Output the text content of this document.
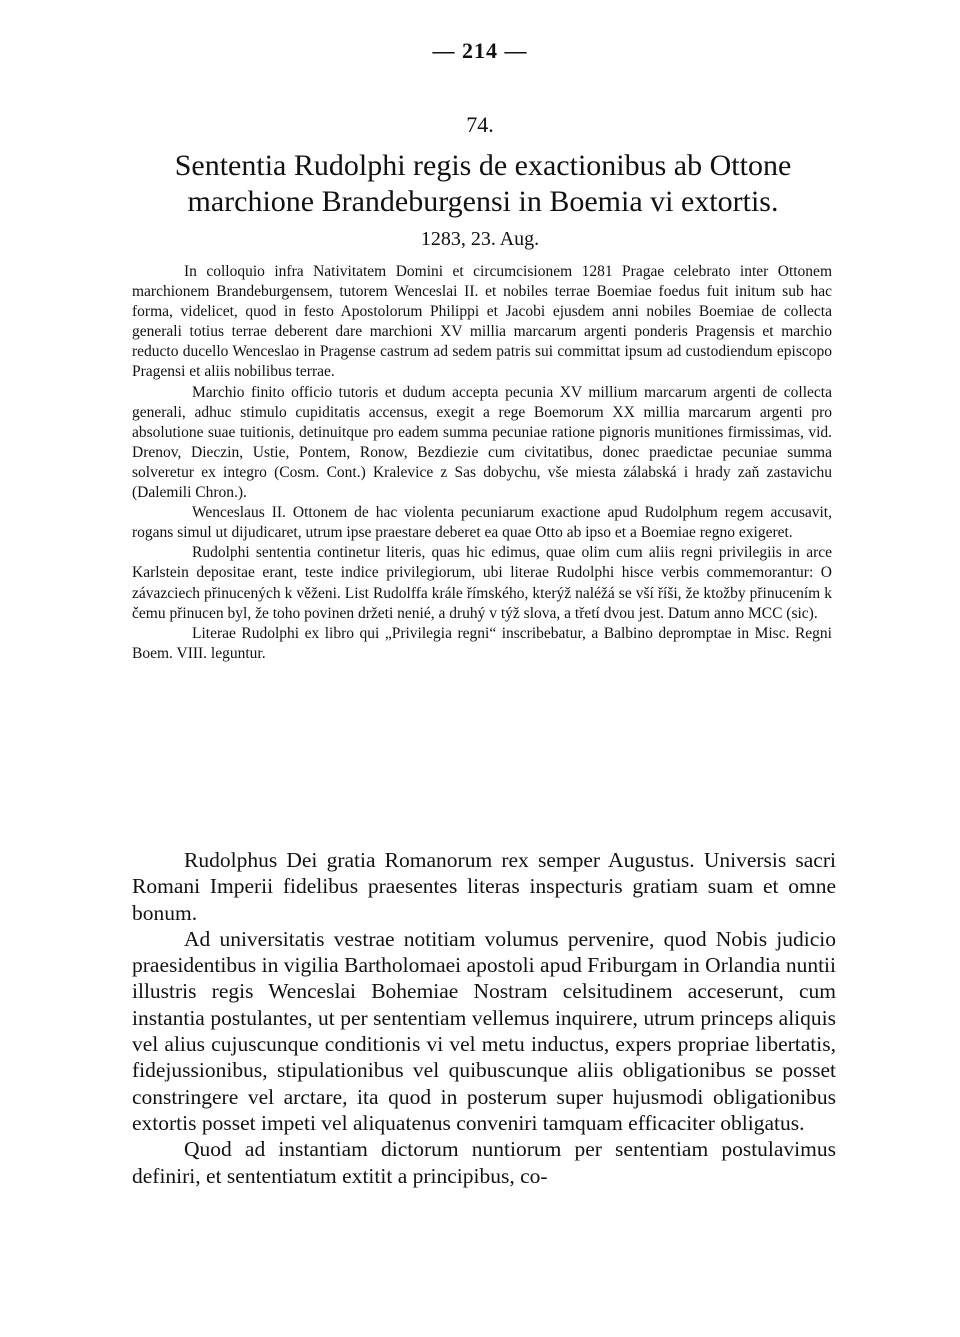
— 214 —
74.
Sententia Rudolphi regis de exactionibus ab Ottone marchione Brandeburgensi in Boemia vi extortis.
1283, 23. Aug.

In colloquio infra Nativitatem Domini et circumcisionem 1281 Pragae celebrato inter Ottonem marchionem Brandeburgensem, tutorem Wenceslai II. et nobiles terrae Boemiae foedus fuit initum sub hac forma, videlicet, quod in festo Apostolorum Philippi et Jacobi ejusdem anni nobiles Boemiae de collecta generali totius terrae deberent dare marchioni XV millia marcarum argenti ponderis Pragensis et marchio reducto ducello Wenceslao in Pragense castrum ad sedem patris sui committat ipsum ad custodiendum episcopo Pragensi et aliis nobilibus terrae.

Marchio finito officio tutoris et dudum accepta pecunia XV millium marcarum argenti de collecta generali, adhuc stimulo cupiditatis accensus, exegit a rege Boemorum XX millia marcarum argenti pro absolutione suae tuitionis, detinuitque pro eadem summa pecuniae ratione pignoris munitiones firmissimas, vid. Drenov, Dieczin, Ustie, Pontem, Ronow, Bezdiezie cum civitatibus, donec praedictae pecuniae summa solveretur ex integro (Cosm. Cont.) Kralevice z Sas dobychu, vše miesta zálabská i hrady zaň zastavichu (Dalemili Chron.).

Wenceslaus II. Ottonem de hac violenta pecuniarum exactione apud Rudolphum regem accusavit, rogans simul ut dijudicaret, utrum ipse praestare deberet ea quae Otto ab ipso et a Boemiae regno exigeret.

Rudolphi sententia continetur literis, quas hic edimus, quae olim cum aliis regni privilegiis in arce Karlstein depositae erant, teste indice privilegiorum, ubi literae Rudolphi hisce verbis commemorantur: O závazciech přinucených k věženi. List Rudolffa krále římského, kterýž naléžá se vší říši, že ktožby přinucením k čemu přinucen byl, že toho povinen držeti nenié, a druhý v týž slova, a třetí dvou jest. Datum anno MCC (sic).

Literae Rudolphi ex libro qui „Privilegia regni“ inscribebatur, a Balbino depromptae in Misc. Regni Boem. VIII. leguntur.

Rudolphus Dei gratia Romanorum rex semper Augustus. Universis sacri Romani Imperii fidelibus praesentes literas inspecturis gratiam suam et omne bonum.

Ad universitatis vestrae notitiam volumus pervenire, quod Nobis judicio praesidentibus in vigilia Bartholomaei apostoli apud Friburgam in Orlandia nuntii illustris regis Wenceslai Bohemiae Nostram celsitudinem acceserunt, cum instantia postulantes, ut per sententiam vellemus inquirere, utrum princeps aliquis vel alius cujuscunque conditionis vi vel metu inductus, expers propriae libertatis, fidejussionibus, stipulationibus vel quibuscunque aliis obligationibus se posset constringere vel arctare, ita quod in posterum super hujusmodi obligationibus extortis posset impeti vel aliquatenus conveniri tamquam efficaciter obligatus.

Quod ad instantiam dictorum nuntiorum per sententiam postulavimus definiri, et sententiatum extitit a principibus, co-
